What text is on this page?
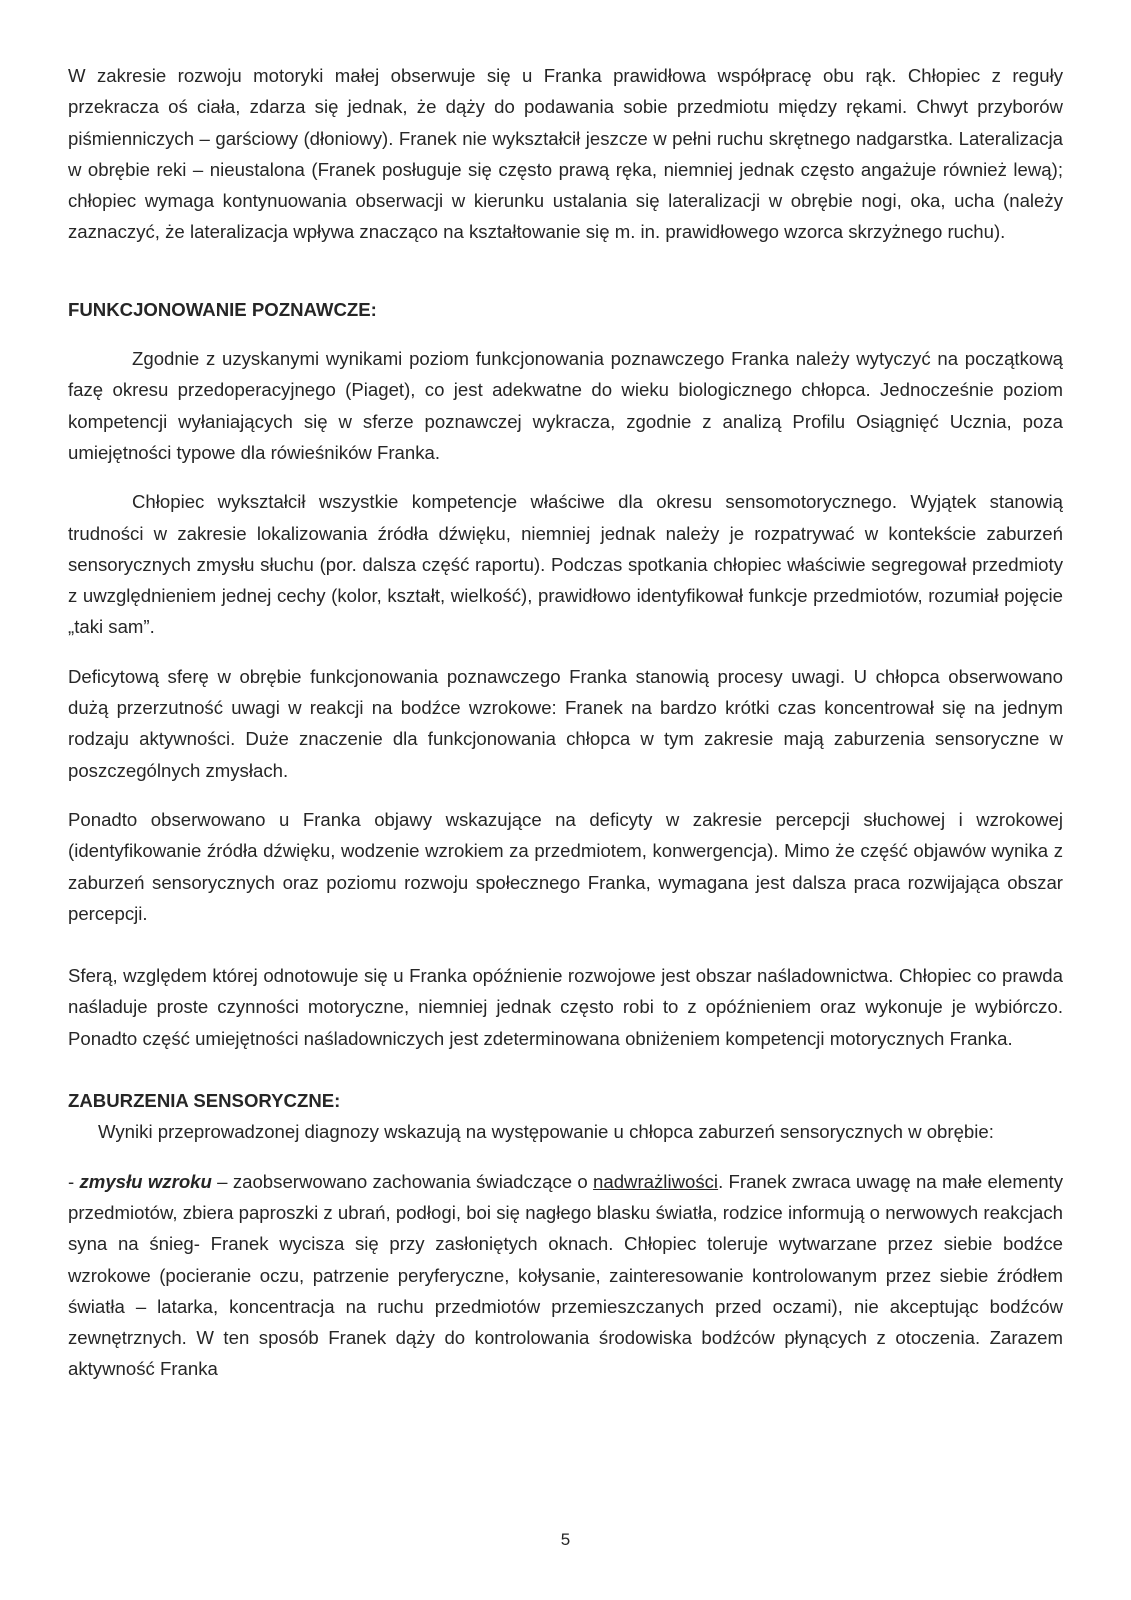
W zakresie rozwoju motoryki małej obserwuje się u Franka prawidłowa współpracę obu rąk. Chłopiec z reguły przekracza oś ciała, zdarza się jednak, że dąży do podawania sobie przedmiotu między rękami. Chwyt przyborów piśmienniczych – garściowy (dłoniowy). Franek nie wykształcił jeszcze w pełni ruchu skrętnego nadgarstka. Lateralizacja w obrębie reki – nieustalona (Franek posługuje się często prawą ręka, niemniej jednak często angażuje również lewą); chłopiec wymaga kontynuowania obserwacji w kierunku ustalania się lateralizacji w obrębie nogi, oka, ucha (należy zaznaczyć, że lateralizacja wpływa znacząco na kształtowanie się m. in. prawidłowego wzorca skrzyżnego ruchu).

FUNKCJONOWANIE POZNAWCZE:

Zgodnie z uzyskanymi wynikami poziom funkcjonowania poznawczego Franka należy wytyczyć na początkową fazę okresu przedoperacyjnego (Piaget), co jest adekwatne do wieku biologicznego chłopca. Jednocześnie poziom kompetencji wyłaniających się w sferze poznawczej wykracza, zgodnie z analizą Profilu Osiągnięć Ucznia, poza umiejętności typowe dla rówieśników Franka.

Chłopiec wykształcił wszystkie kompetencje właściwe dla okresu sensomotorycznego. Wyjątek stanowią trudności w zakresie lokalizowania źródła dźwięku, niemniej jednak należy je rozpatrywać w kontekście zaburzeń sensorycznych zmysłu słuchu (por. dalsza część raportu). Podczas spotkania chłopiec właściwie segregował przedmioty z uwzględnieniem jednej cechy (kolor, kształt, wielkość), prawidłowo identyfikował funkcje przedmiotów, rozumiał pojęcie „taki sam”.

Deficytową sferę w obrębie funkcjonowania poznawczego Franka stanowią procesy uwagi. U chłopca obserwowano dużą przerzutność uwagi w reakcji na bodźce wzrokowe: Franek na bardzo krótki czas koncentrował się na jednym rodzaju aktywności. Duże znaczenie dla funkcjonowania chłopca w tym zakresie mają zaburzenia sensoryczne w poszczególnych zmysłach.

Ponadto obserwowano u Franka objawy wskazujące na deficyty w zakresie percepcji słuchowej i wzrokowej (identyfikowanie źródła dźwięku, wodzenie wzrokiem za przedmiotem, konwergencja). Mimo że część objawów wynika z zaburzeń sensorycznych oraz poziomu rozwoju społecznego Franka, wymagana jest dalsza praca rozwijająca obszar percepcji.

Sferą, względem której odnotowuje się u Franka opóźnienie rozwojowe jest obszar naśladownictwa. Chłopiec co prawda naśladuje proste czynności motoryczne, niemniej jednak często robi to z opóźnieniem oraz wykonuje je wybiórczo. Ponadto część umiejętności naśladowniczych jest zdeterminowana obniżeniem kompetencji motorycznych Franka.

ZABURZENIA SENSORYCZNE:

Wyniki przeprowadzonej diagnozy wskazują na występowanie u chłopca zaburzeń sensorycznych w obrębie:

- zmysłu wzroku – zaobserwowano zachowania świadczące o nadwrażliwości. Franek zwraca uwagę na małe elementy przedmiotów, zbiera paproszki z ubrań, podłogi, boi się nagłego blasku światła, rodzice informują o nerwowych reakcjach syna na śnieg- Franek wycisza się przy zasłoniętych oknach. Chłopiec toleruje wytwarzane przez siebie bodźce wzrokowe (pocieranie oczu, patrzenie peryferyczne, kołysanie, zainteresowanie kontrolowanym przez siebie źródłem światła – latarka, koncentracja na ruchu przedmiotów przemieszczanych przed oczami), nie akceptując bodźców zewnętrznych. W ten sposób Franek dąży do kontrolowania środowiska bodźców płynących z otoczenia. Zarazem aktywność Franka

5
